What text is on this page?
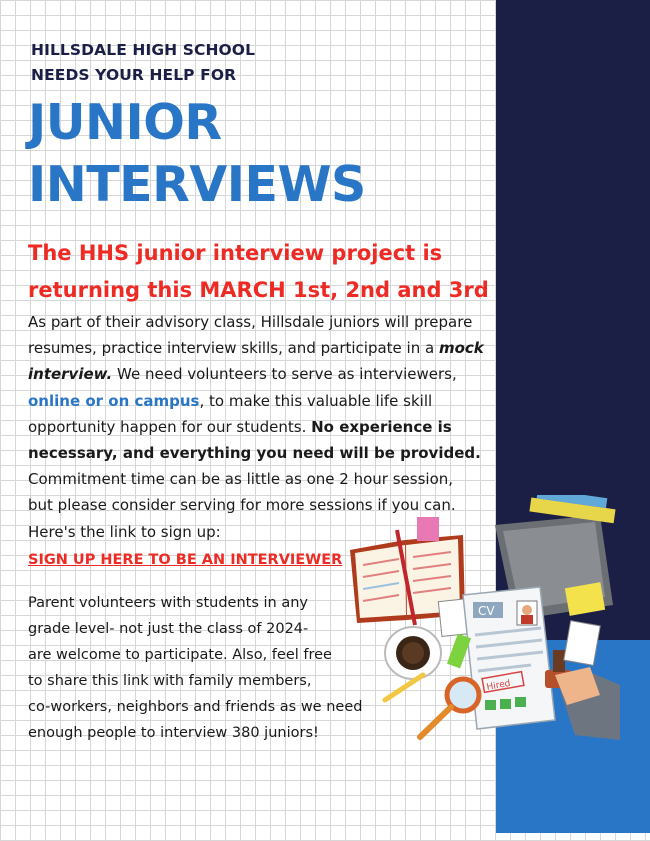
HILLSDALE HIGH SCHOOL
NEEDS YOUR HELP FOR
JUNIOR
INTERVIEWS
The HHS junior interview project is
returning this MARCH 1st, 2nd and 3rd
As part of their advisory class, Hillsdale juniors will prepare
resumes, practice interview skills, and participate in a mock
interview. We need volunteers to serve as interviewers,
online or on campus, to make this valuable life skill
opportunity happen for our students. No experience is
necessary, and everything you need will be provided.
Commitment time can be as little as one 2 hour session,
but please consider serving for more sessions if you can.
Here's the link to sign up:
SIGN UP HERE TO BE AN INTERVIEWER
Parent volunteers with students in any
grade level- not just the class of 2024-
are welcome to participate. Also, feel free
to share this link with family members,
co-workers, neighbors and friends as we need
enough people to interview 380 juniors!
CV
Hired
